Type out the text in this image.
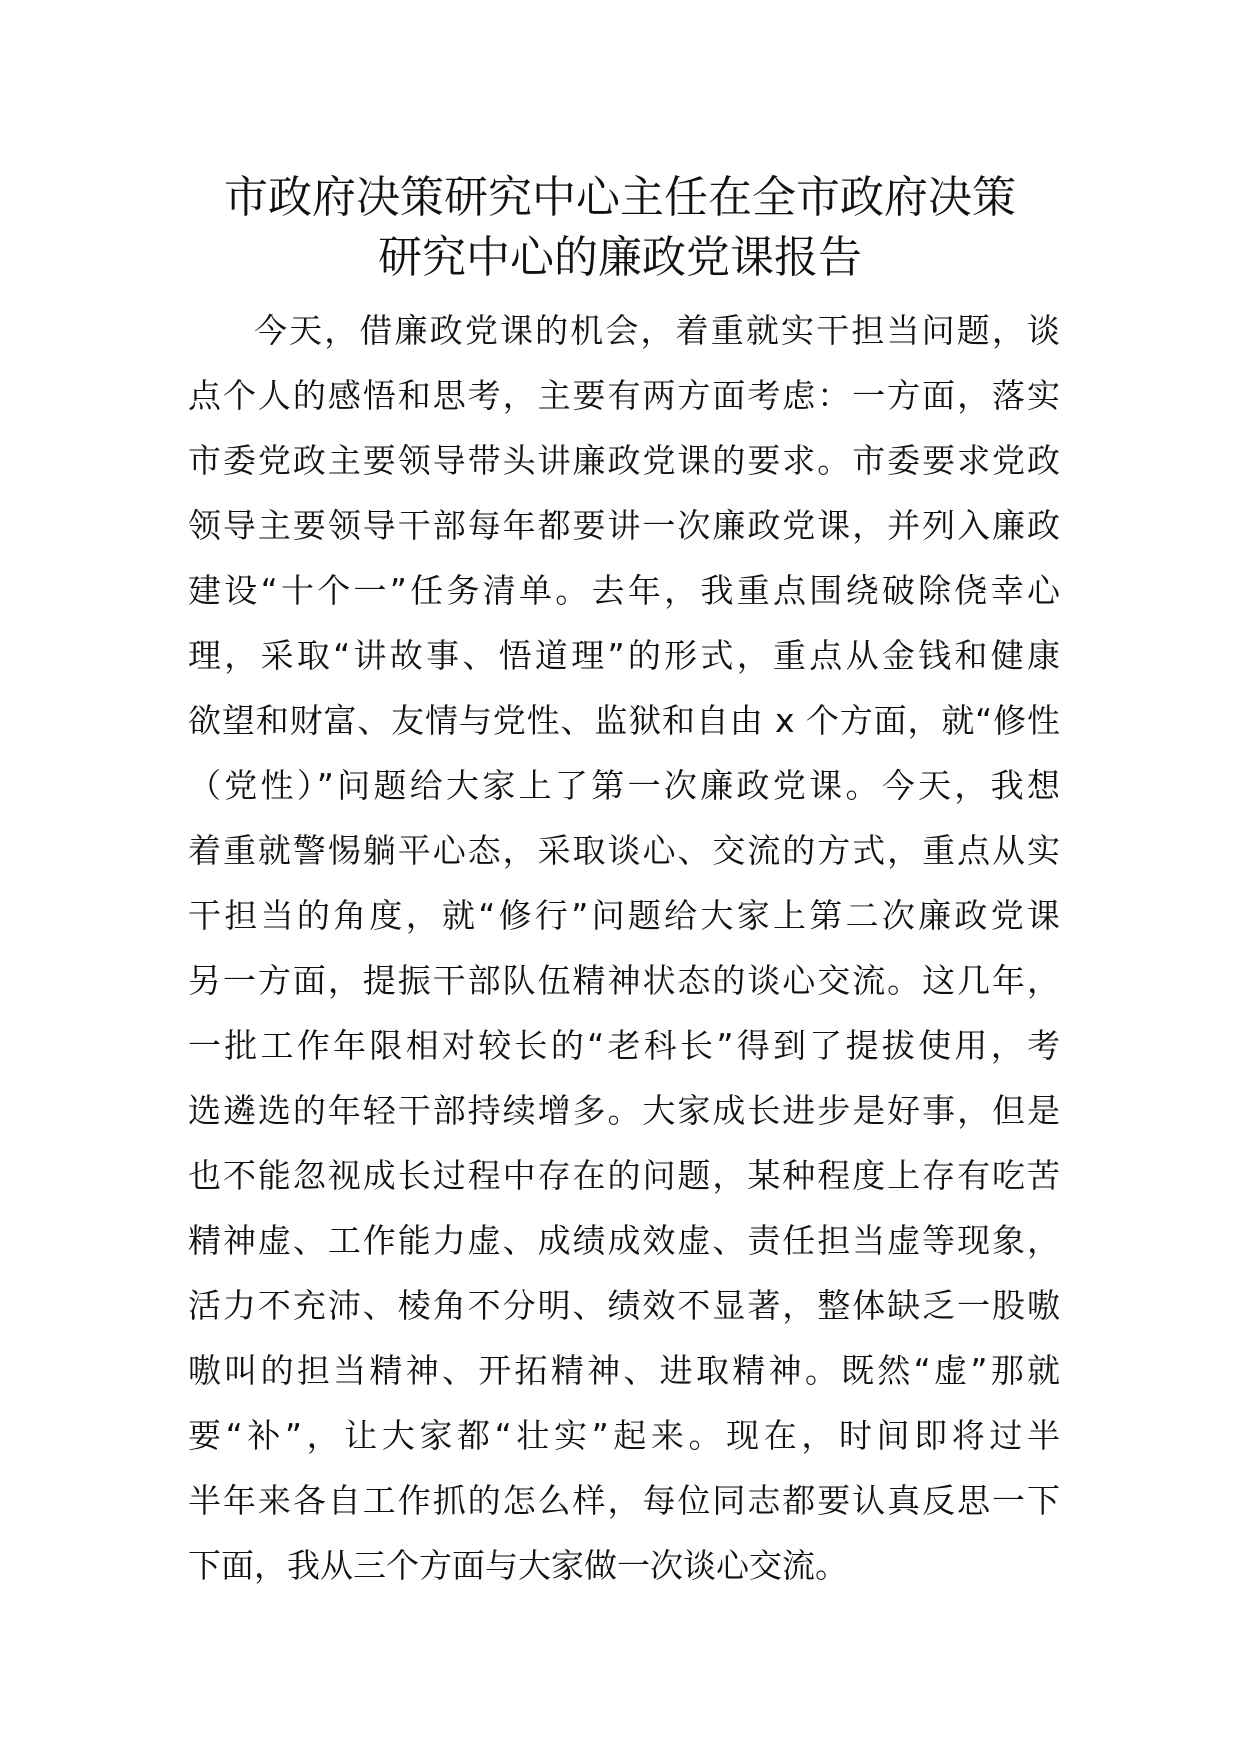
市政府决策研究中心主任在全市政府决策
研究中心的廉政党课报告
今天，借廉政党课的机会，着重就实干担当问题，谈
点个人的感悟和思考，主要有两方面考虑：一方面，落实
市委党政主要领导带头讲廉政党课的要求。市委要求党政
领导主要领导干部每年都要讲一次廉政党课，并列入廉政
建设“十个一”任务清单。去年，我重点围绕破除侥幸心
理，采取“讲故事、悟道理”的形式，重点从金钱和健康
欲望和财富、友情与党性、监狱和自由 x 个方面，就“修性
（党性）”问题给大家上了第一次廉政党课。今天，我想
着重就警惕躺平心态，采取谈心、交流的方式，重点从实
干担当的角度，就“修行”问题给大家上第二次廉政党课
另一方面，提振干部队伍精神状态的谈心交流。这几年，
一批工作年限相对较长的“老科长”得到了提拔使用，考
选遴选的年轻干部持续增多。大家成长进步是好事，但是
也不能忽视成长过程中存在的问题，某种程度上存有吃苦
精神虚、工作能力虚、成绩成效虚、责任担当虚等现象，
活力不充沛、棱角不分明、绩效不显著，整体缺乏一股嗷
嗷叫的担当精神、开拓精神、进取精神。既然“虚”那就
要“补”，让大家都“壮实”起来。现在，时间即将过半
半年来各自工作抓的怎么样，每位同志都要认真反思一下
下面，我从三个方面与大家做一次谈心交流。
